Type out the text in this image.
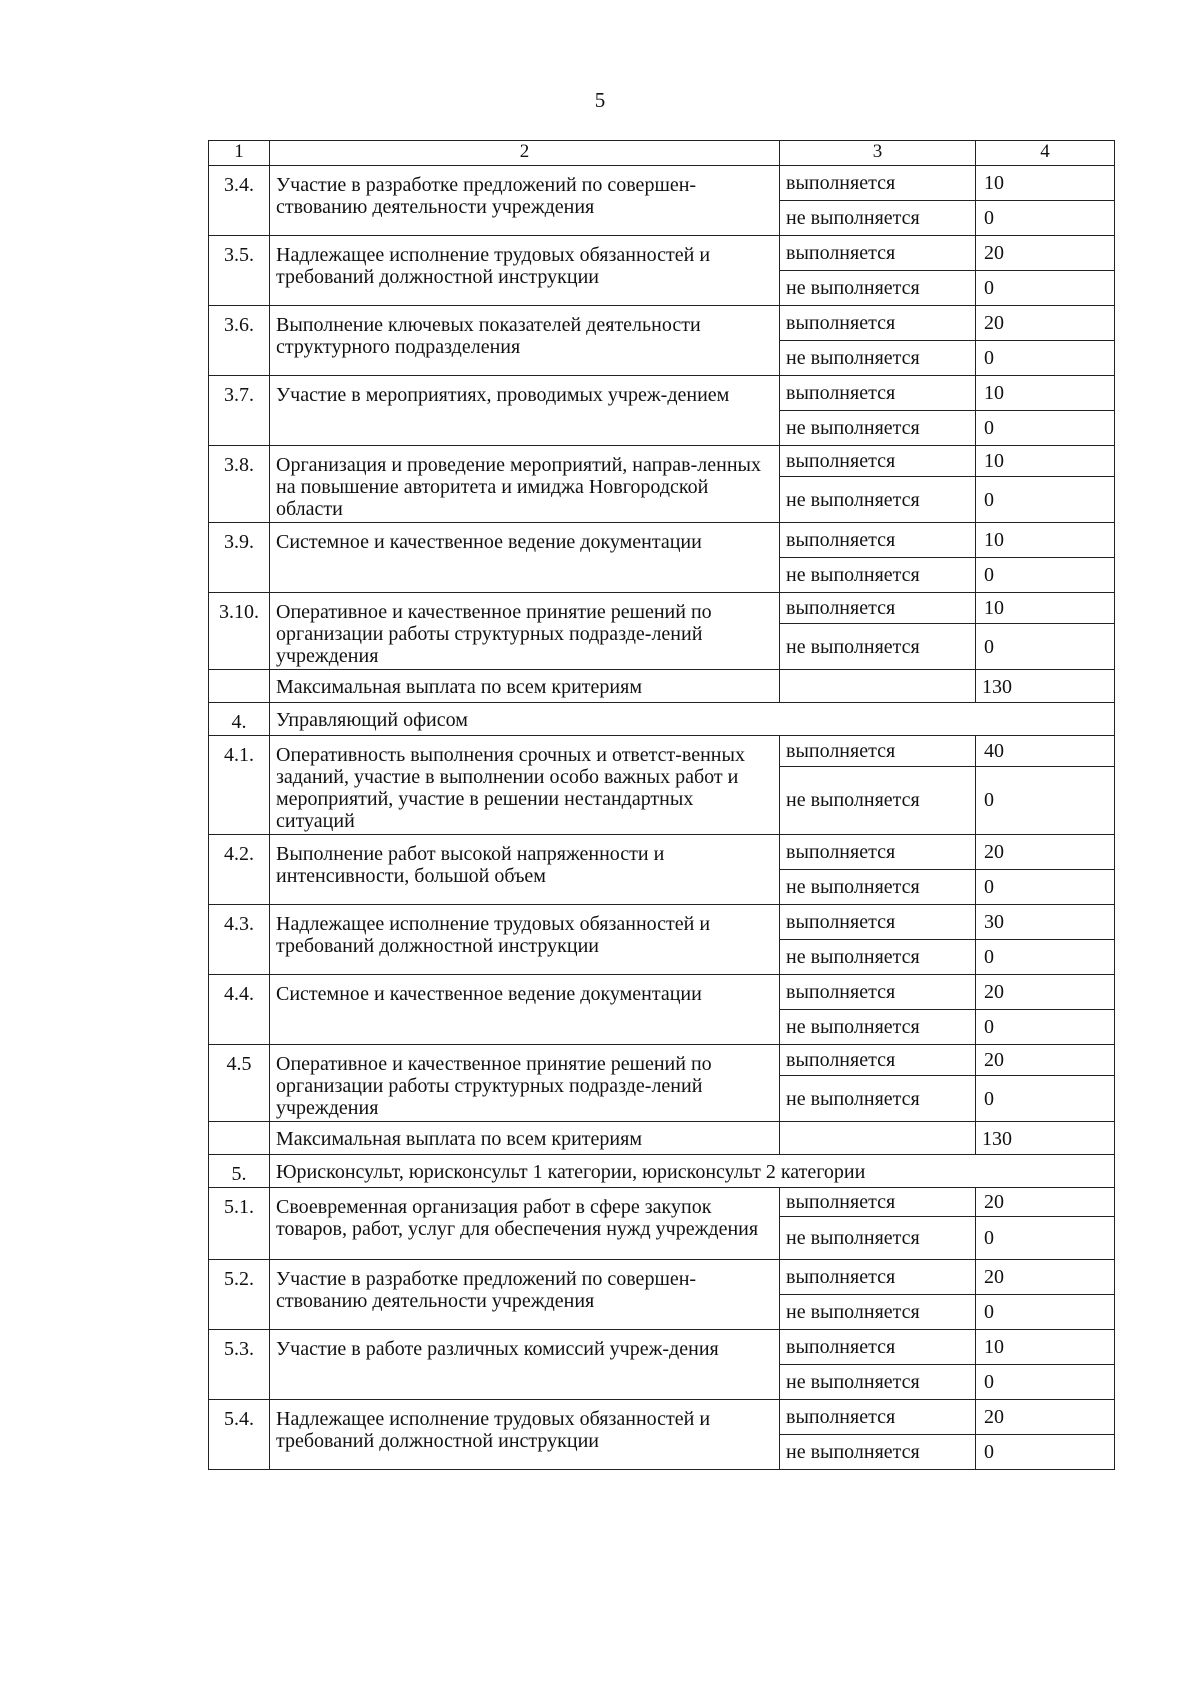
5
1	2	3	4
3.4.	Участие в разработке предложений по совершен-ствованию деятельности учреждения	выполняется	10
		не выполняется	0
3.5.	Надлежащее исполнение трудовых обязанностей и требований должностной инструкции	выполняется	20
		не выполняется	0
3.6.	Выполнение ключевых показателей деятельности структурного подразделения	выполняется	20
		не выполняется	0
3.7.	Участие в мероприятиях, проводимых учреж-дением	выполняется	10
		не выполняется	0
3.8.	Организация и проведение мероприятий, направ-ленных на повышение авторитета и имиджа Новгородской области	выполняется	10
		не выполняется	0
3.9.	Системное и качественное ведение документации	выполняется	10
		не выполняется	0
3.10.	Оперативное и качественное принятие решений по организации работы структурных подразде-лений учреждения	выполняется	10
		не выполняется	0
	Максимальная выплата по всем критериям		130
4.	Управляющий офисом		
4.1.	Оперативность выполнения срочных и ответст-венных заданий, участие в выполнении особо важных работ и мероприятий, участие в решении нестандартных ситуаций	выполняется	40
		не выполняется	0
4.2.	Выполнение работ высокой напряженности и интенсивности, большой объем	выполняется	20
		не выполняется	0
4.3.	Надлежащее исполнение трудовых обязанностей и требований должностной инструкции	выполняется	30
		не выполняется	0
4.4.	Системное и качественное ведение документации	выполняется	20
		не выполняется	0
4.5	Оперативное и качественное принятие решений по организации работы структурных подразде-лений учреждения	выполняется	20
		не выполняется	0
	Максимальная выплата по всем критериям		130
5.	Юрисконсульт, юрисконсульт 1 категории, юрисконсульт 2 категории		
5.1.	Своевременная организация работ в сфере закупок товаров, работ, услуг для обеспечения нужд учреждения	выполняется	20
		не выполняется	0
5.2.	Участие в разработке предложений по совершен-ствованию деятельности учреждения	выполняется	20
		не выполняется	0
5.3.	Участие в работе различных комиссий учреж-дения	выполняется	10
		не выполняется	0
5.4.	Надлежащее исполнение трудовых обязанностей и требований должностной инструкции	выполняется	20
		не выполняется	0
